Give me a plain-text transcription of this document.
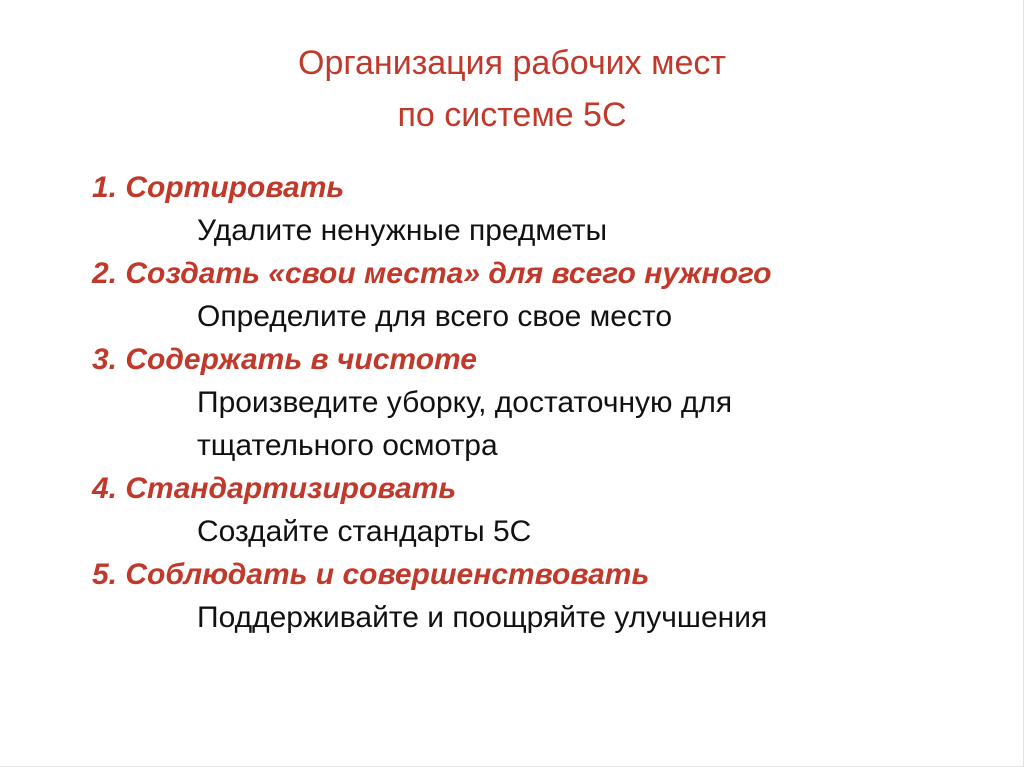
Организация рабочих мест
по системе 5С
1. Сортировать
Удалите ненужные предметы
2. Создать «свои места» для всего нужного
Определите для всего свое место
3. Содержать в чистоте
Произведите уборку, достаточную для
тщательного осмотра
4. Стандартизировать
Создайте стандарты 5С
5. Соблюдать и совершенствовать
Поддерживайте и поощряйте улучшения
